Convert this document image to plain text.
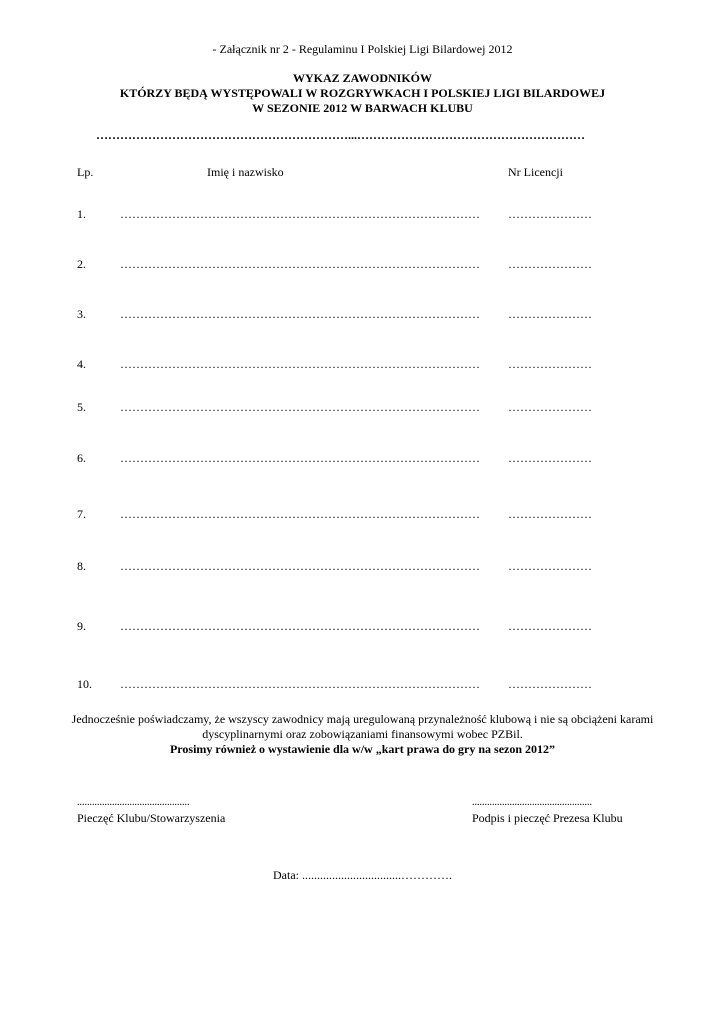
- Załącznik nr 2 - Regulaminu I Polskiej Ligi Bilardowej 2012
WYKAZ ZAWODNIKÓW
KTÓRZY BĘDĄ WYSTĘPOWALI W ROZGRYWKACH I POLSKIEJ LIGI BILARDOWEJ
W SEZONIE 2012 W BARWACH KLUBU
………………………………………………………...…………………………………………………
Lp.	Imię i nazwisko	Nr Licencji
1.	……………………………………………………………………………… …………………
2.	……………………………………………………………………………… …………………
3.	……………………………………………………………………………… …………………
4.	……………………………………………………………………………… …………………
5.	……………………………………………………………………………… …………………
6.	……………………………………………………………………………… …………………
7.	……………………………………………………………………………… …………………
8.	……………………………………………………………………………… …………………
9.	……………………………………………………………………………… …………………
10. ……………………………………………………………………………… …………………
Jednocześnie poświadczamy, że wszyscy zawodnicy mają uregulowaną przynależność klubową i nie są obciążeni karami
dyscyplinarnymi oraz zobowiązaniami finansowymi wobec PZBil.
Prosimy również o wystawienie dla w/w „kart prawa do gry na sezon 2012”
.............................................
Pieczęć Klubu/Stowarzyszenia
................................................
Podpis i pieczęć Prezesa Klubu
Data: .................................………….
